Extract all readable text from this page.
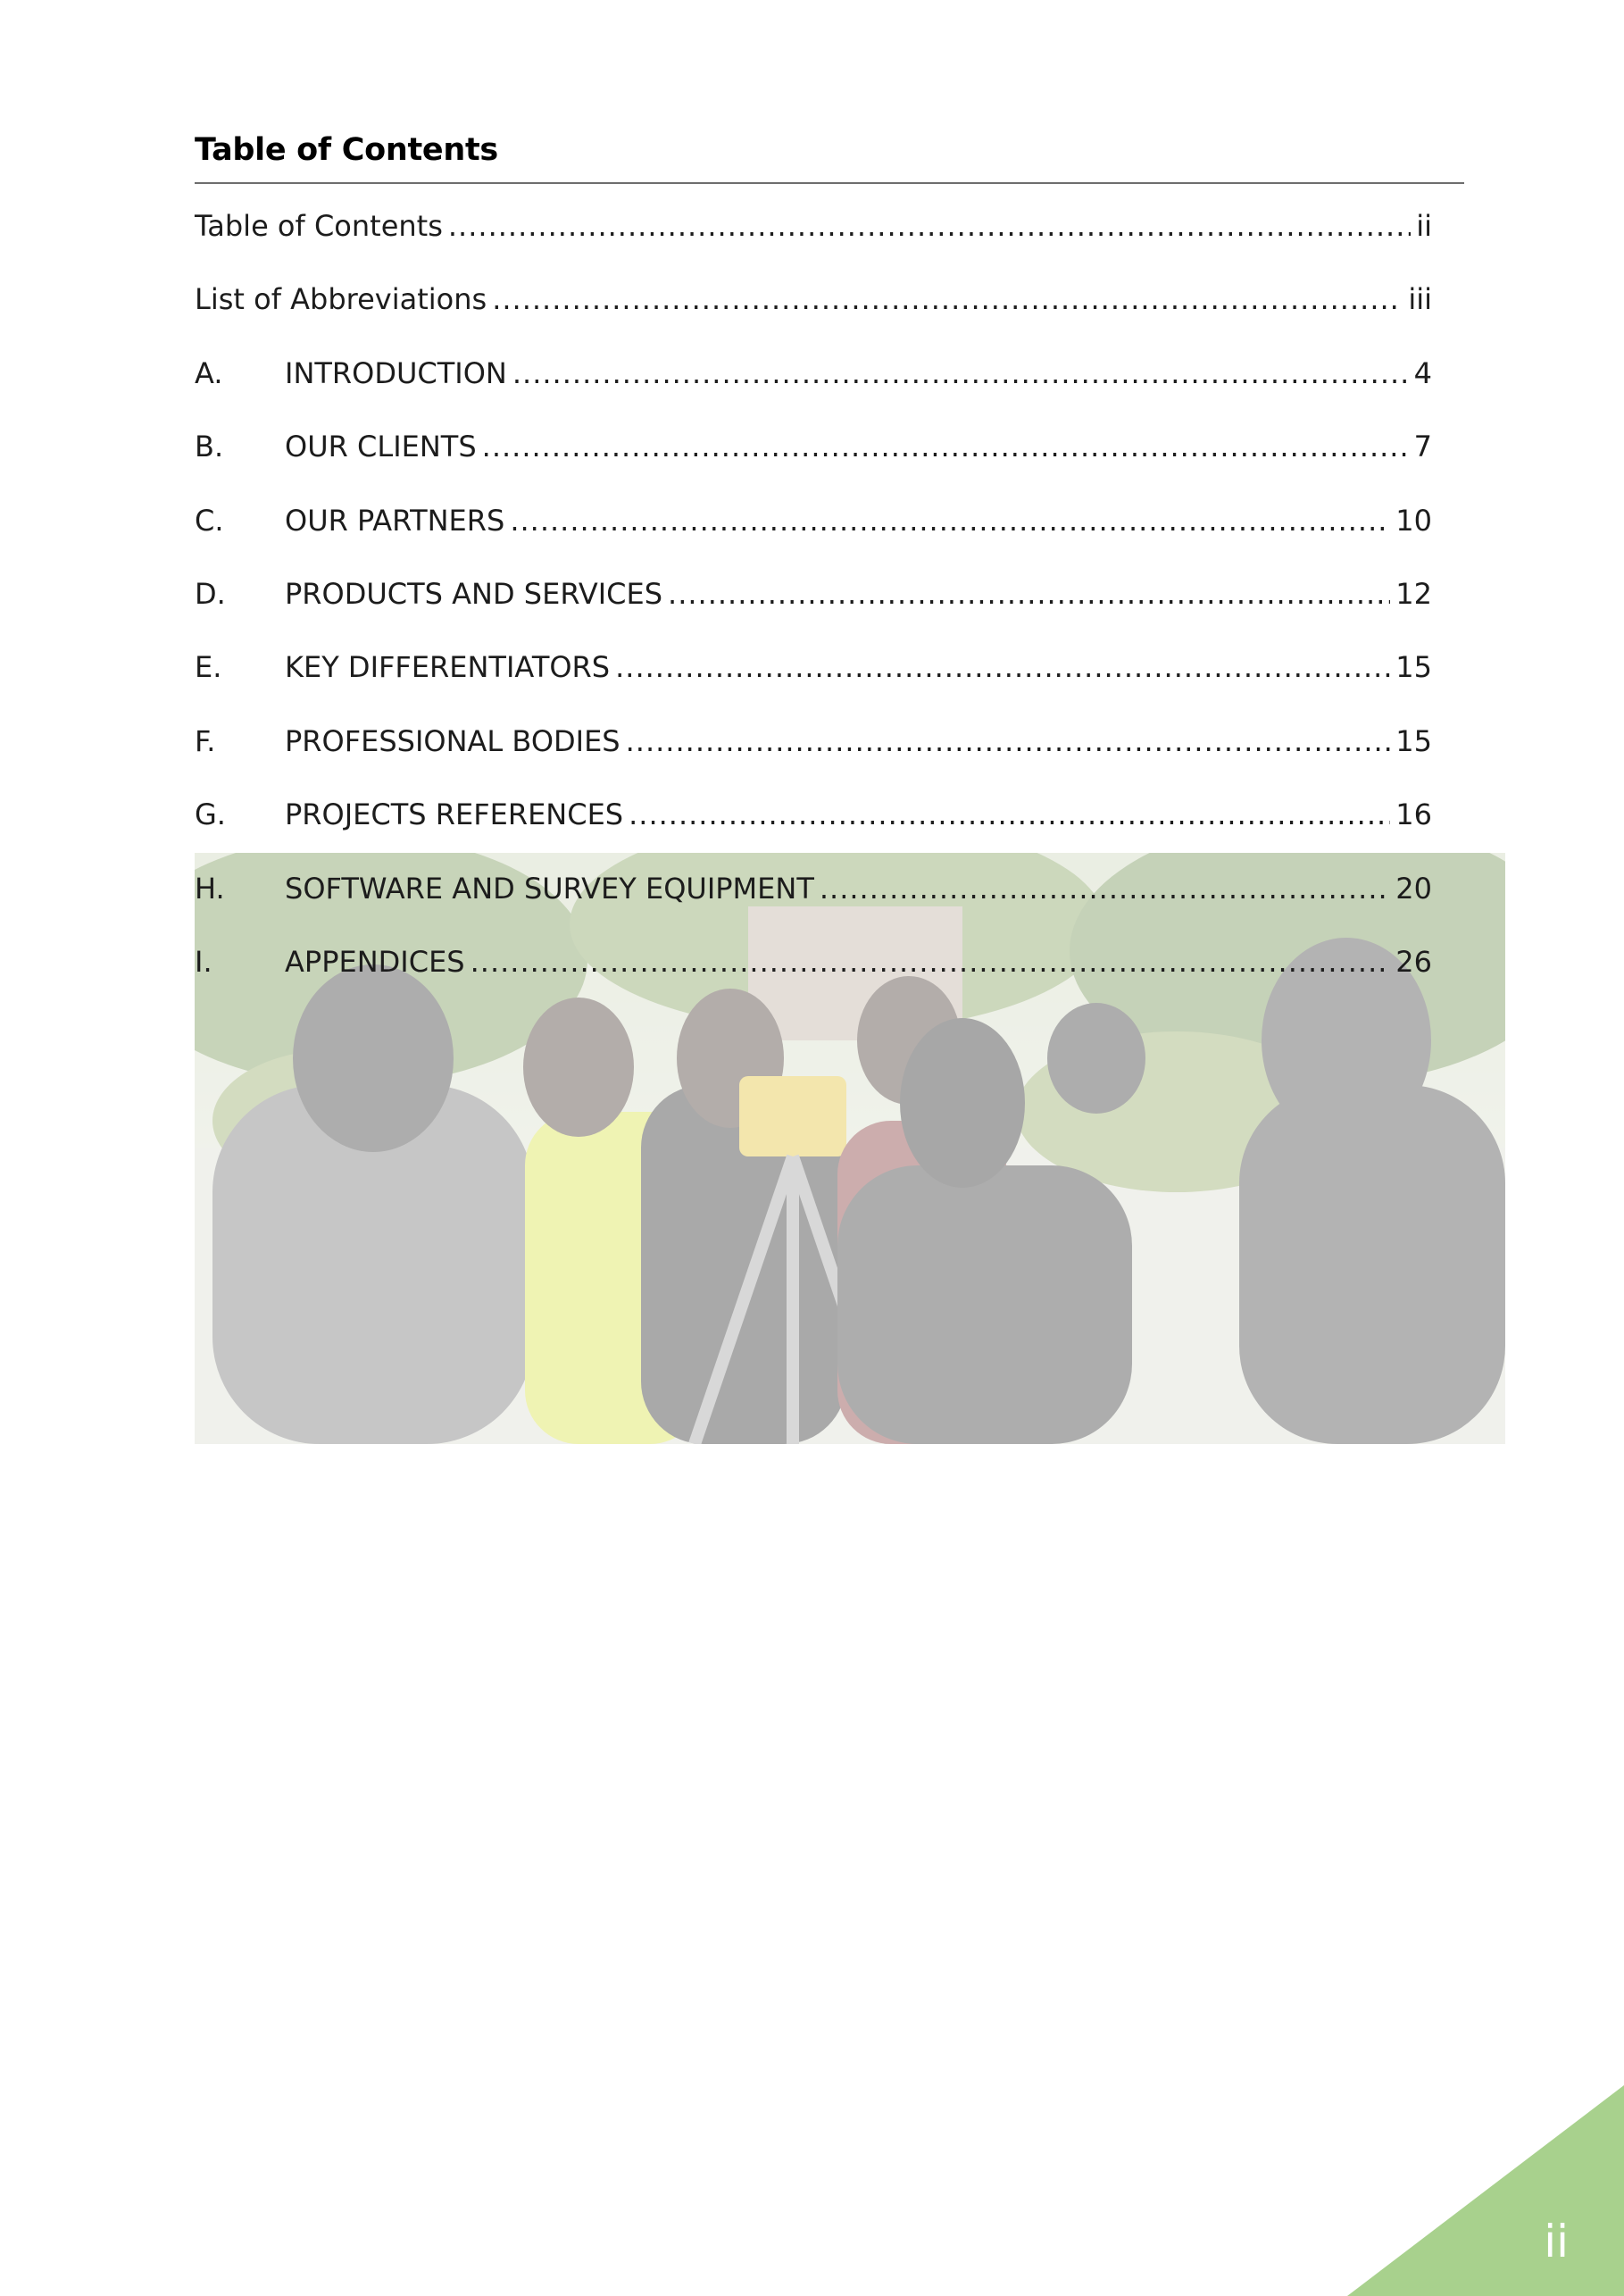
Table of Contents
Table of Contents .....	ii
List of Abbreviations .....	iii
A.	INTRODUCTION .....	4
B.	OUR CLIENTS .....	7
C.	OUR PARTNERS .....	10
D.	PRODUCTS AND SERVICES .....	12
E.	KEY DIFFERENTIATORS .....	15
F.	PROFESSIONAL BODIES .....	15
G.	PROJECTS REFERENCES .....	16
H.	SOFTWARE AND SURVEY EQUIPMENT .....	20
I.	APPENDICES .....	26
ii
